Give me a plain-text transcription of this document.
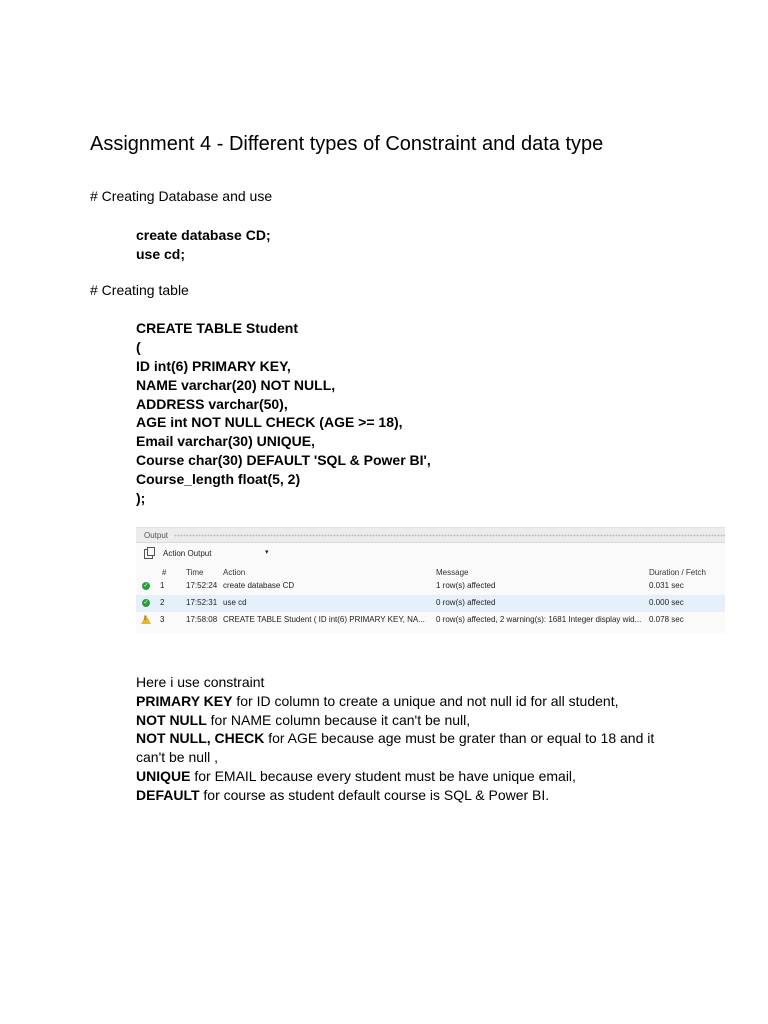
Assignment 4 - Different types of Constraint and data type
# Creating Database and use
create database CD;
use cd;
# Creating table
CREATE TABLE Student
(
ID int(6) PRIMARY KEY,
NAME varchar(20) NOT NULL,
ADDRESS varchar(50),
AGE int NOT NULL CHECK (AGE >= 18),
Email varchar(30) UNIQUE,
Course char(30) DEFAULT 'SQL & Power BI',
Course_length float(5, 2)
);
Output
Action Output	▾
# Time Action	Message	Duration / Fetch
✓ 1	17:52:24 create database CD	1 row(s) affected	0.031 sec
✓ 2	17:52:31 use cd	0 row(s) affected	0.000 sec
! 3	17:58:08 CREATE TABLE Student ( ID int(6) PRIMARY KEY, NA...	0 row(s) affected, 2 warning(s): 1681 Integer display wid... 0.078 sec

Here i use constraint

PRIMARY KEY for ID column to create a unique and not null id for all student,

NOT NULL for NAME column because it can't be null,

NOT NULL, CHECK for AGE because age must be grater than or equal to 18 and it can't be null ,

UNIQUE for EMAIL because every student must be have unique email,

DEFAULT for course as student default course is SQL & Power BI.
